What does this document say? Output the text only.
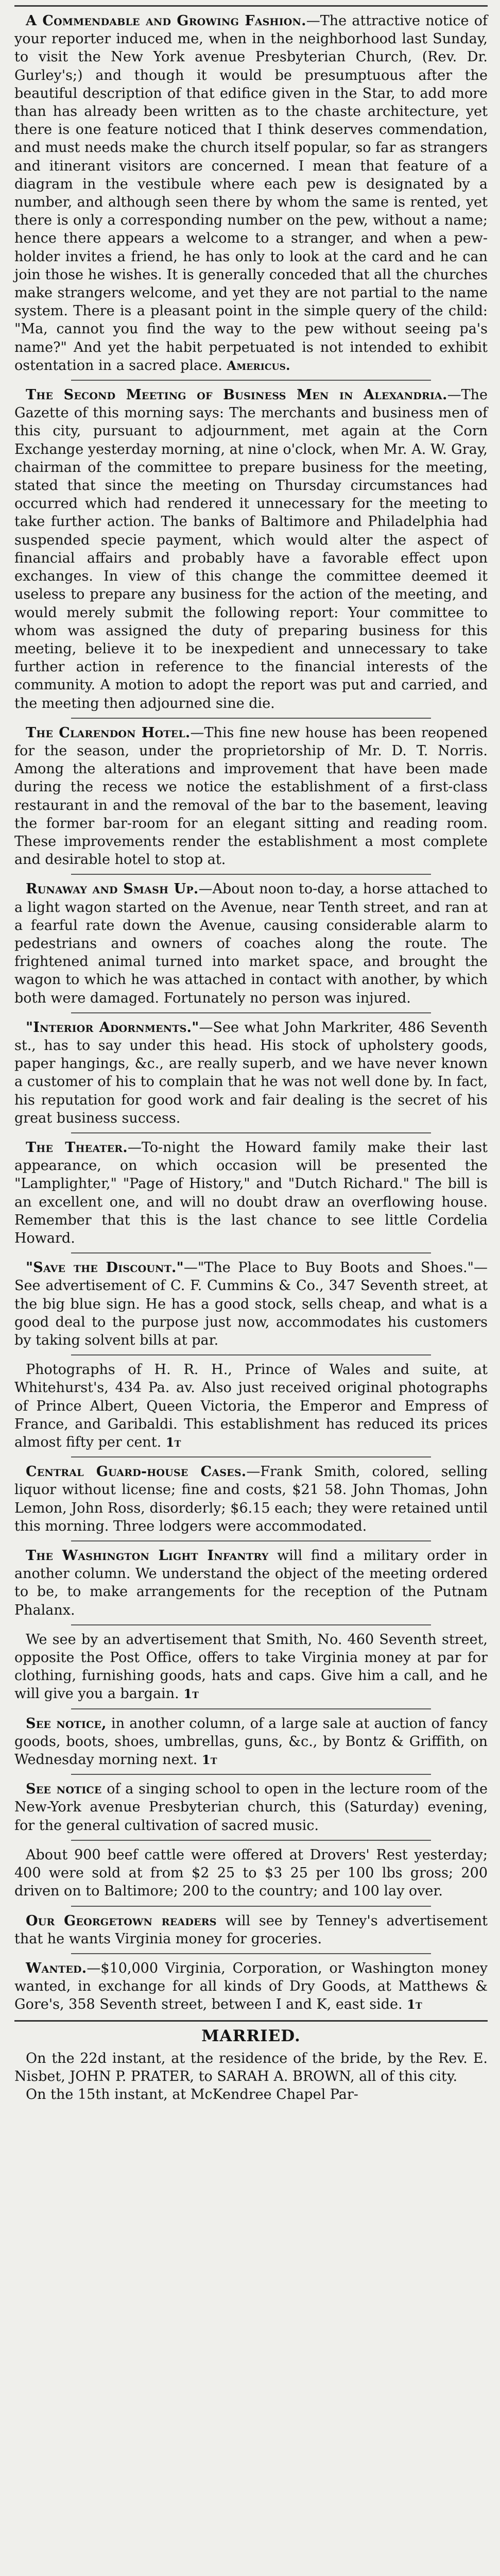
A Commendable and Growing Fashion.—The attractive notice of your reporter induced me, when in the neighborhood last Sunday, to visit the New York avenue Presbyterian Church, (Rev. Dr. Gurley's;) and though it would be presumptuous after the beautiful description of that edifice given in the Star, to add more than has already been written as to the chaste architecture, yet there is one feature noticed that I think deserves commendation, and must needs make the church itself popular, so far as strangers and itinerant visitors are concerned. I mean that feature of a diagram in the vestibule where each pew is designated by a number, and although seen there by whom the same is rented, yet there is only a corresponding number on the pew, without a name; hence there appears a welcome to a stranger, and when a pew-holder invites a friend, he has only to look at the card and he can join those he wishes. It is generally conceded that all the churches make strangers welcome, and yet they are not partial to the name system. There is a pleasant point in the simple query of the child: "Ma, cannot you find the way to the pew without seeing pa's name?" And yet the habit perpetuated is not intended to exhibit ostentation in a sacred place. Americus.

The Second Meeting of Business Men in Alexandria.—The Gazette of this morning says: The merchants and business men of this city, pursuant to adjournment, met again at the Corn Exchange yesterday morning, at nine o'clock, when Mr. A. W. Gray, chairman of the committee to prepare business for the meeting, stated that since the meeting on Thursday circumstances had occurred which had rendered it unnecessary for the meeting to take further action. The banks of Baltimore and Philadelphia had suspended specie payment, which would alter the aspect of financial affairs and probably have a favorable effect upon exchanges. In view of this change the committee deemed it useless to prepare any business for the action of the meeting, and would merely submit the following report: Your committee to whom was assigned the duty of preparing business for this meeting, believe it to be inexpedient and unnecessary to take further action in reference to the financial interests of the community. A motion to adopt the report was put and carried, and the meeting then adjourned sine die.

The Clarendon Hotel.—This fine new house has been reopened for the season, under the proprietorship of Mr. D. T. Norris. Among the alterations and improvement that have been made during the recess we notice the establishment of a first-class restaurant in and the removal of the bar to the basement, leaving the former bar-room for an elegant sitting and reading room. These improvements render the establishment a most complete and desirable hotel to stop at.

Runaway and Smash Up.—About noon to-day, a horse attached to a light wagon started on the Avenue, near Tenth street, and ran at a fearful rate down the Avenue, causing considerable alarm to pedestrians and owners of coaches along the route. The frightened animal turned into market space, and brought the wagon to which he was attached in contact with another, by which both were damaged. Fortunately no person was injured.

"Interior Adornments."—See what John Markriter, 486 Seventh st., has to say under this head. His stock of upholstery goods, paper hangings, &c., are really superb, and we have never known a customer of his to complain that he was not well done by. In fact, his reputation for good work and fair dealing is the secret of his great business success.

The Theater.—To-night the Howard family make their last appearance, on which occasion will be presented the "Lamplighter," "Page of History," and "Dutch Richard." The bill is an excellent one, and will no doubt draw an overflowing house. Remember that this is the last chance to see little Cordelia Howard.

"Save the Discount."—"The Place to Buy Boots and Shoes."—See advertisement of C. F. Cummins & Co., 347 Seventh street, at the big blue sign. He has a good stock, sells cheap, and what is a good deal to the purpose just now, accommodates his customers by taking solvent bills at par.

Photographs of H. R. H., Prince of Wales and suite, at Whitehurst's, 434 Pa. av. Also just received original photographs of Prince Albert, Queen Victoria, the Emperor and Empress of France, and Garibaldi. This establishment has reduced its prices almost fifty per cent. 1t

Central Guard-house Cases.—Frank Smith, colored, selling liquor without license; fine and costs, $21 58. John Thomas, John Lemon, John Ross, disorderly; $6.15 each; they were retained until this morning. Three lodgers were accommodated.

The Washington Light Infantry will find a military order in another column. We understand the object of the meeting ordered to be, to make arrangements for the reception of the Putnam Phalanx.

We see by an advertisement that Smith, No. 460 Seventh street, opposite the Post Office, offers to take Virginia money at par for clothing, furnishing goods, hats and caps. Give him a call, and he will give you a bargain. 1t

See notice, in another column, of a large sale at auction of fancy goods, boots, shoes, umbrellas, guns, &c., by Bontz & Griffith, on Wednesday morning next. 1t

See notice of a singing school to open in the lecture room of the New-York avenue Presbyterian church, this (Saturday) evening, for the general cultivation of sacred music.

About 900 beef cattle were offered at Drovers' Rest yesterday; 400 were sold at from $2 25 to $3 25 per 100 lbs gross; 200 driven on to Baltimore; 200 to the country; and 100 lay over.

Our Georgetown readers will see by Tenney's advertisement that he wants Virginia money for groceries.

Wanted.—$10,000 Virginia, Corporation, or Washington money wanted, in exchange for all kinds of Dry Goods, at Matthews & Gore's, 358 Seventh street, between I and K, east side. 1t

MARRIED.

On the 22d instant, at the residence of the bride, by the Rev. E. Nisbet, JOHN P. PRATER, to SARAH A. BROWN, all of this city.

On the 15th instant, at McKendree Chapel Par-
